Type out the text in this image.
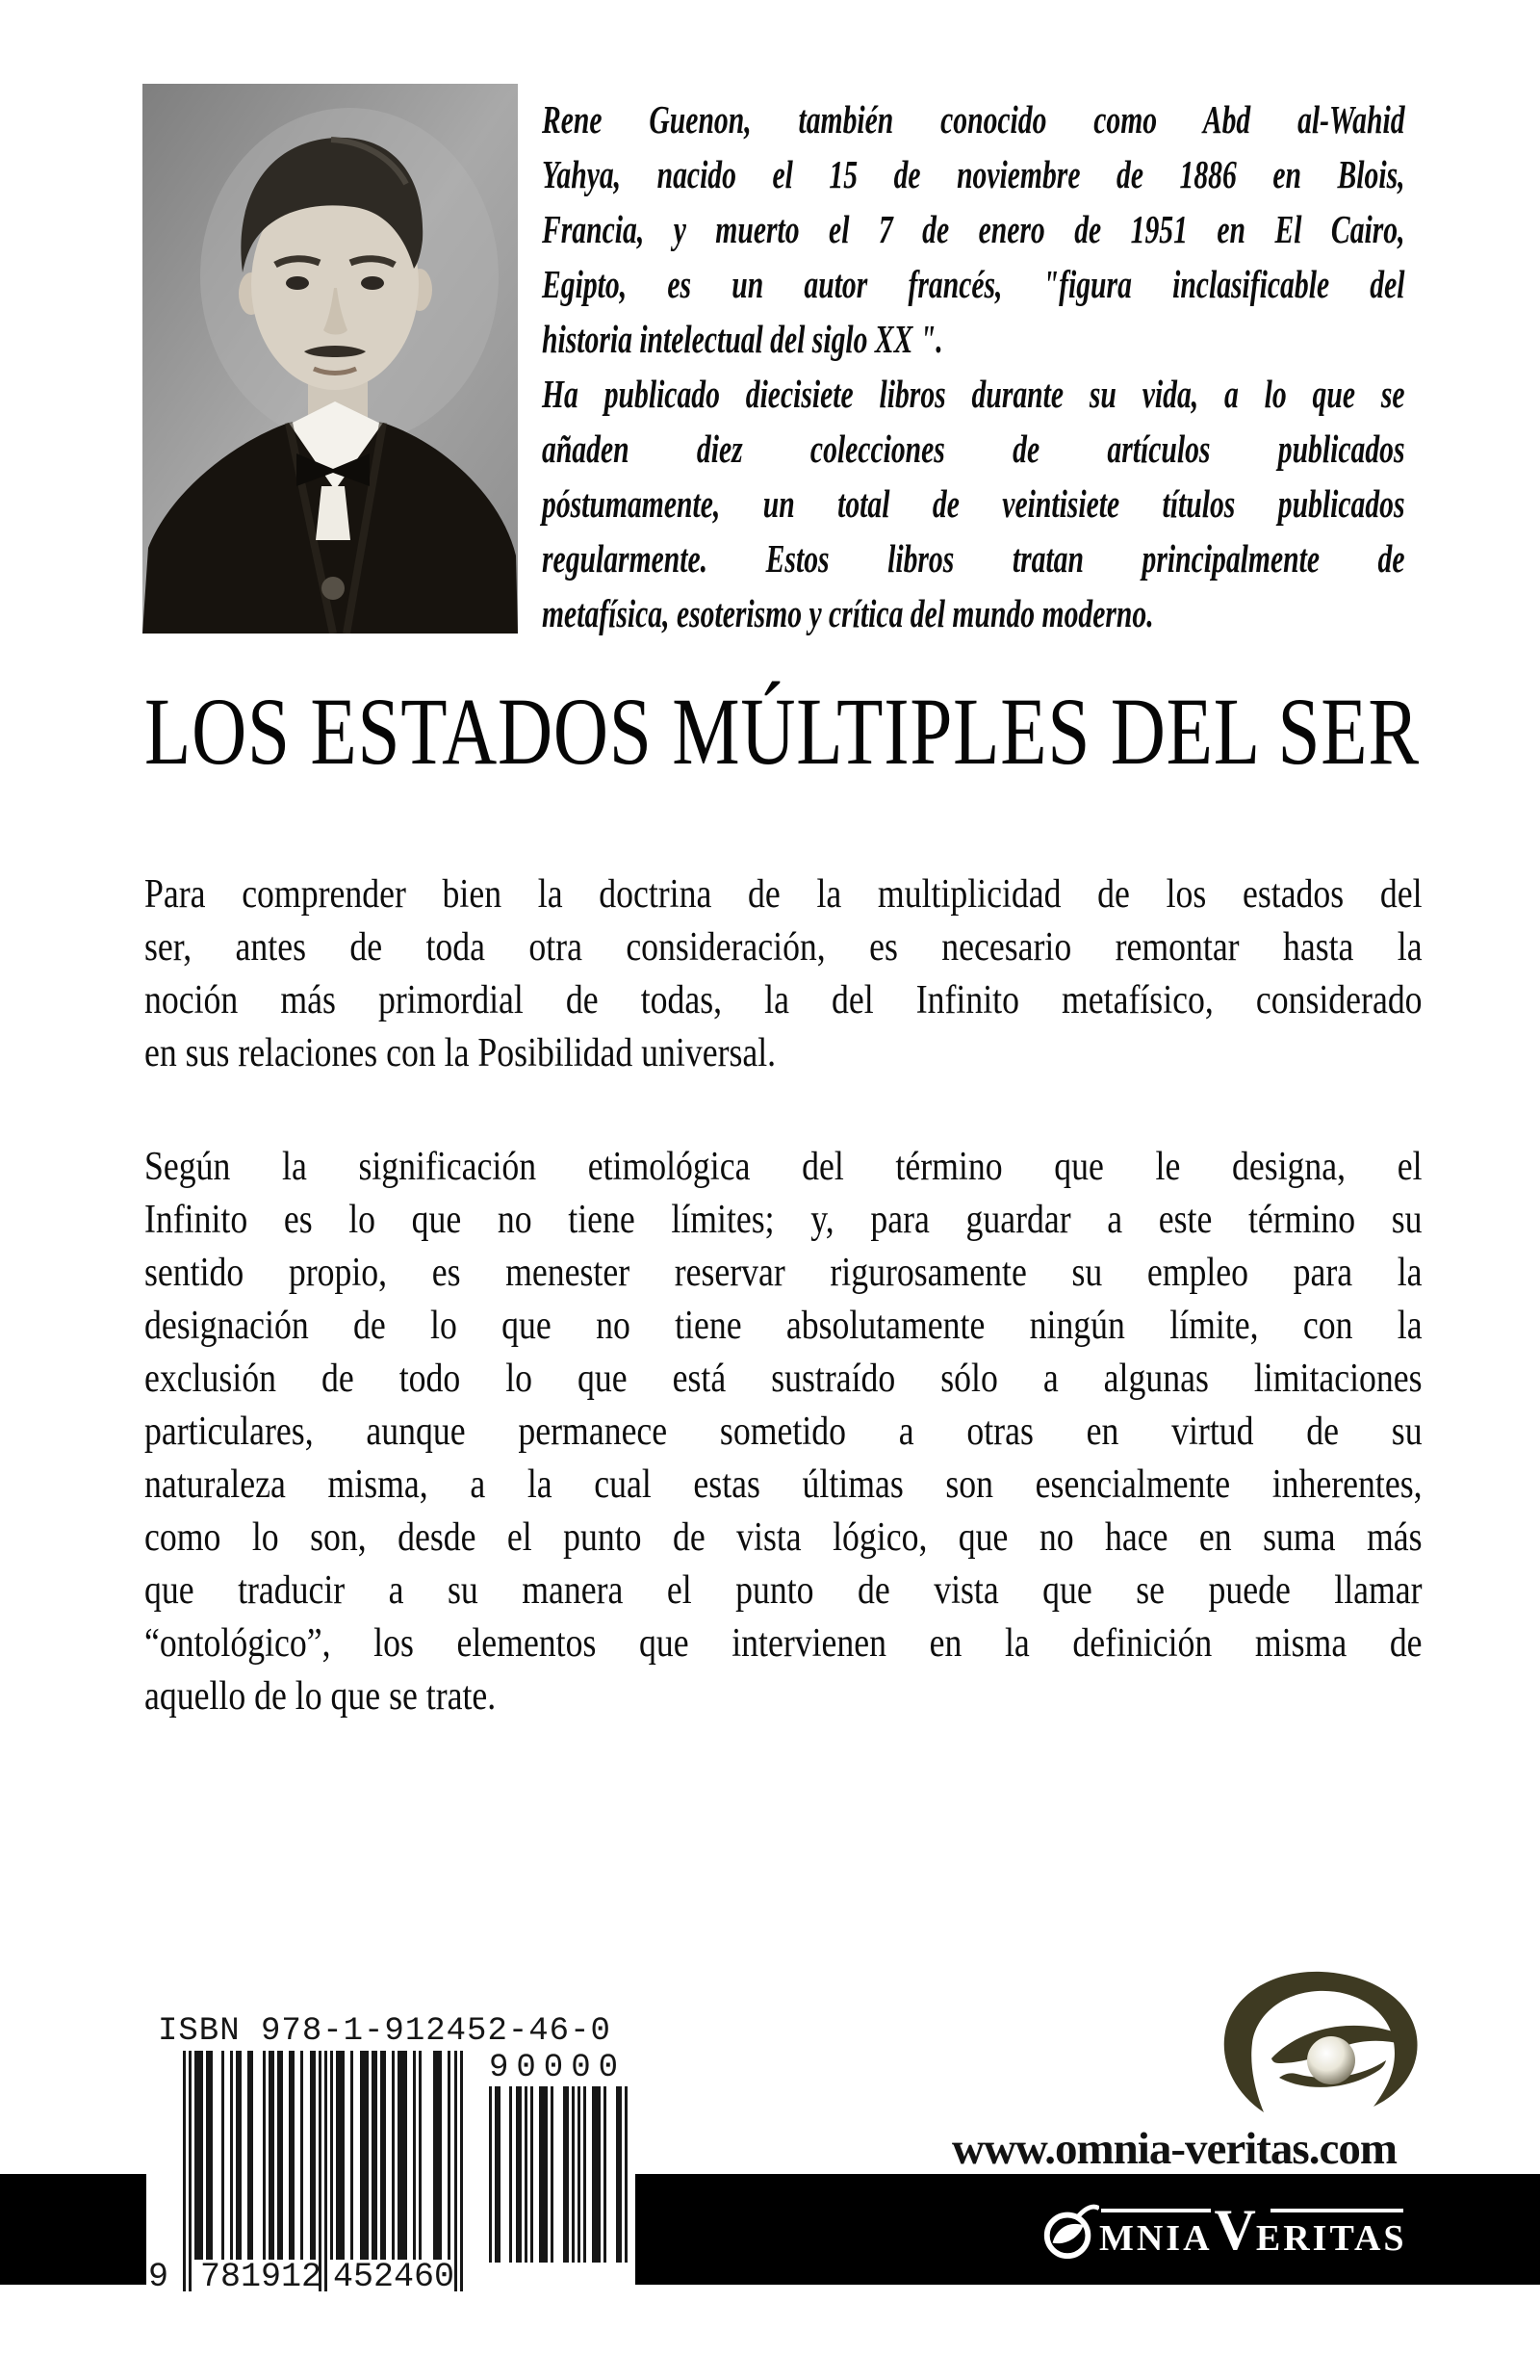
Rene Guenon, también conocido como Abd al-Wahid
Yahya, nacido el 15 de noviembre de 1886 en Blois,
Francia, y muerto el 7 de enero de 1951 en El Cairo,
Egipto, es un autor francés, "figura inclasificable del
historia intelectual del siglo XX ".
Ha publicado diecisiete libros durante su vida, a lo que se
añaden diez colecciones de artículos publicados
póstumamente, un total de veintisiete títulos publicados
regularmente. Estos libros tratan principalmente de
metafísica, esoterismo y crítica del mundo moderno.
LOS ESTADOS MÚLTIPLES DEL SER
Para comprender bien la doctrina de la multiplicidad de los estados del
ser, antes de toda otra consideración, es necesario remontar hasta la
noción más primordial de todas, la del Infinito metafísico, considerado
en sus relaciones con la Posibilidad universal.
Según la significación etimológica del término que le designa, el
Infinito es lo que no tiene límites; y, para guardar a este término su
sentido propio, es menester reservar rigurosamente su empleo para la
designación de lo que no tiene absolutamente ningún límite, con la
exclusión de todo lo que está sustraído sólo a algunas limitaciones
particulares, aunque permanece sometido a otras en virtud de su
naturaleza misma, a la cual estas últimas son esencialmente inherentes,
como lo son, desde el punto de vista lógico, que no hace en suma más
que traducir a su manera el punto de vista que se puede llamar
“ontológico”, los elementos que intervienen en la definición misma de
aquello de lo que se trate.
ISBN 978-1-912452-46-0
90000
9 781912 452460
www.omnia-veritas.com
MNIA V ERITAS
